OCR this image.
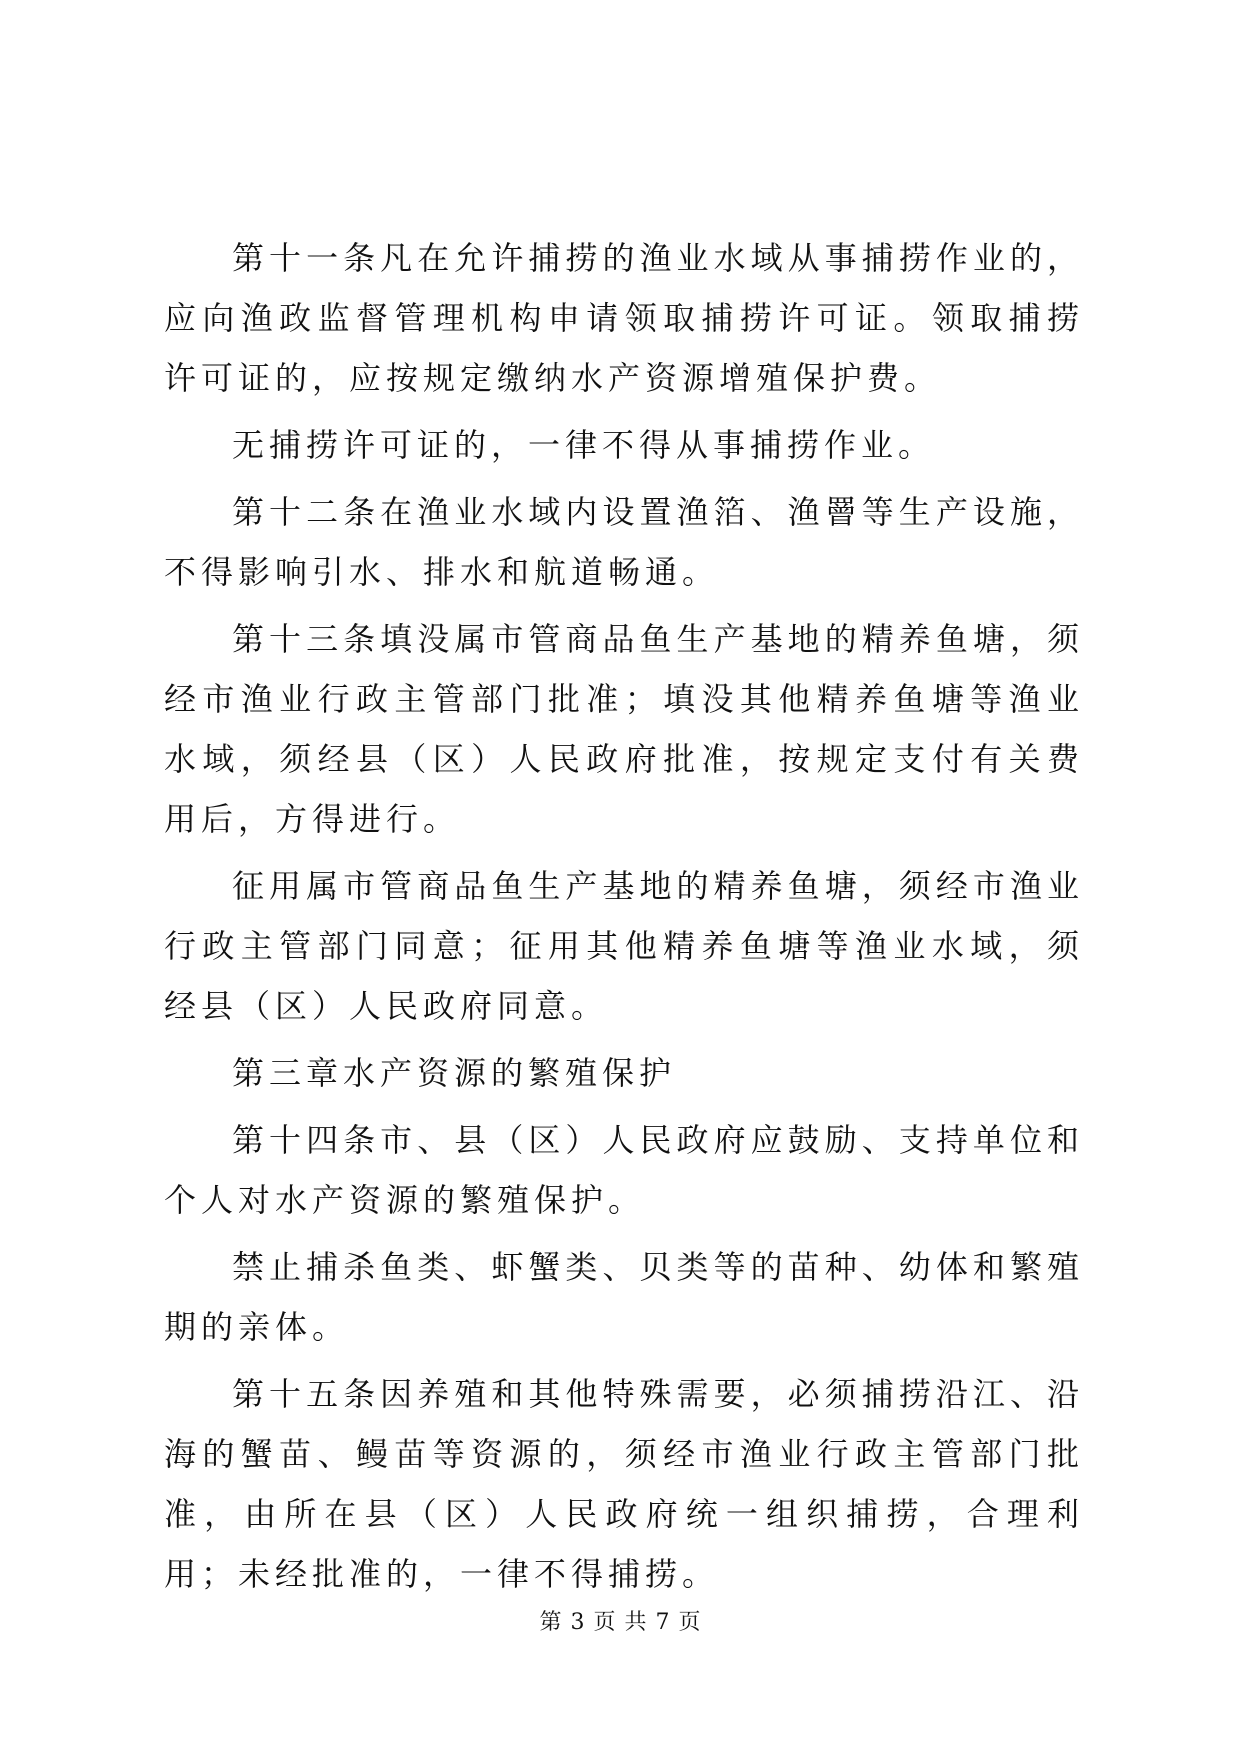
第十一条凡在允许捕捞的渔业水域从事捕捞作业的，应向渔政监督管理机构申请领取捕捞许可证。领取捕捞许可证的，应按规定缴纳水产资源增殖保护费。

无捕捞许可证的，一律不得从事捕捞作业。

第十二条在渔业水域内设置渔箔、渔罾等生产设施，不得影响引水、排水和航道畅通。

第十三条填没属市管商品鱼生产基地的精养鱼塘，须经市渔业行政主管部门批准；填没其他精养鱼塘等渔业水域，须经县（区）人民政府批准，按规定支付有关费用后，方得进行。

征用属市管商品鱼生产基地的精养鱼塘，须经市渔业行政主管部门同意；征用其他精养鱼塘等渔业水域，须经县（区）人民政府同意。

第三章水产资源的繁殖保护

第十四条市、县（区）人民政府应鼓励、支持单位和个人对水产资源的繁殖保护。

禁止捕杀鱼类、虾蟹类、贝类等的苗种、幼体和繁殖期的亲体。

第十五条因养殖和其他特殊需要，必须捕捞沿江、沿海的蟹苗、鳗苗等资源的，须经市渔业行政主管部门批准，由所在县（区）人民政府统一组织捕捞，合理利用；未经批准的，一律不得捕捞。

第 3 页 共 7 页
